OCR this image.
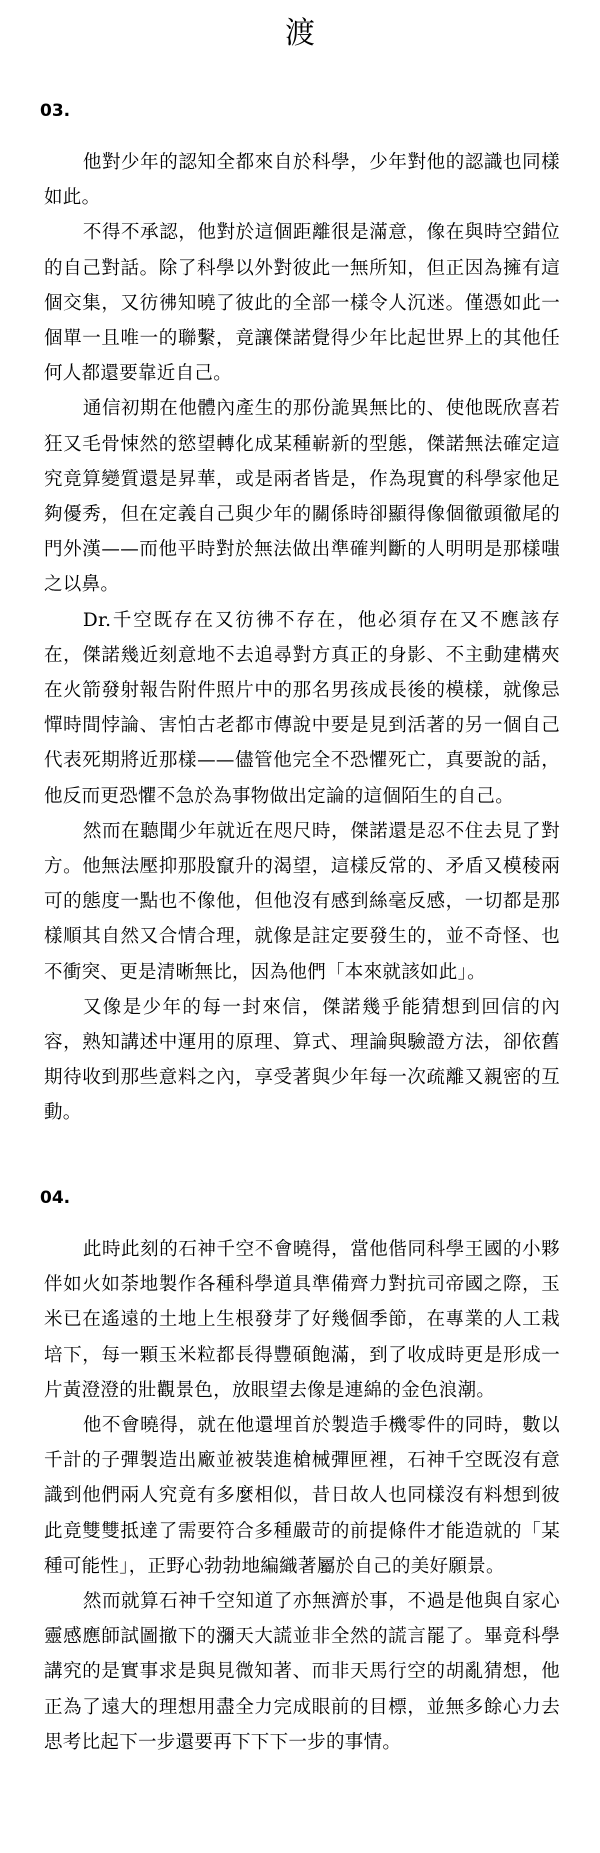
渡
03.

他對少年的認知全都來自於科學，少年對他的認識也同樣如此。

不得不承認，他對於這個距離很是滿意，像在與時空錯位的自己對話。除了科學以外對彼此一無所知，但正因為擁有這個交集，又彷彿知曉了彼此的全部一樣令人沉迷。僅憑如此一個單一且唯一的聯繫，竟讓傑諾覺得少年比起世界上的其他任何人都還要靠近自己。

通信初期在他體內產生的那份詭異無比的、使他既欣喜若狂又毛骨悚然的慾望轉化成某種嶄新的型態，傑諾無法確定這究竟算變質還是昇華，或是兩者皆是，作為現實的科學家他足夠優秀，但在定義自己與少年的關係時卻顯得像個徹頭徹尾的門外漢——而他平時對於無法做出準確判斷的人明明是那樣嗤之以鼻。

Dr.千空既存在又彷彿不存在，他必須存在又不應該存在，傑諾幾近刻意地不去追尋對方真正的身影、不主動建構夾在火箭發射報告附件照片中的那名男孩成長後的模樣，就像忌憚時間悖論、害怕古老都市傳說中要是見到活著的另一個自己代表死期將近那樣——儘管他完全不恐懼死亡，真要說的話，他反而更恐懼不急於為事物做出定論的這個陌生的自己。

然而在聽聞少年就近在咫尺時，傑諾還是忍不住去見了對方。他無法壓抑那股竄升的渴望，這樣反常的、矛盾又模稜兩可的態度一點也不像他，但他沒有感到絲毫反感，一切都是那樣順其自然又合情合理，就像是註定要發生的，並不奇怪、也不衝突、更是清晰無比，因為他們「本來就該如此」。

又像是少年的每一封來信，傑諾幾乎能猜想到回信的內容，熟知講述中運用的原理、算式、理論與驗證方法，卻依舊期待收到那些意料之內，享受著與少年每一次疏離又親密的互動。

04.

此時此刻的石神千空不會曉得，當他偕同科學王國的小夥伴如火如荼地製作各種科學道具準備齊力對抗司帝國之際，玉米已在遙遠的土地上生根發芽了好幾個季節，在專業的人工栽培下，每一顆玉米粒都長得豐碩飽滿，到了收成時更是形成一片黃澄澄的壯觀景色，放眼望去像是連綿的金色浪潮。

他不會曉得，就在他還埋首於製造手機零件的同時，數以千計的子彈製造出廠並被裝進槍械彈匣裡，石神千空既沒有意識到他們兩人究竟有多麼相似，昔日故人也同樣沒有料想到彼此竟雙雙抵達了需要符合多種嚴苛的前提條件才能造就的「某種可能性」，正野心勃勃地編織著屬於自己的美好願景。

然而就算石神千空知道了亦無濟於事，不過是他與自家心靈感應師試圖撤下的瀰天大謊並非全然的謊言罷了。畢竟科學講究的是實事求是與見微知著、而非天馬行空的胡亂猜想，他正為了遠大的理想用盡全力完成眼前的目標，並無多餘心力去思考比起下一步還要再下下下一步的事情。
